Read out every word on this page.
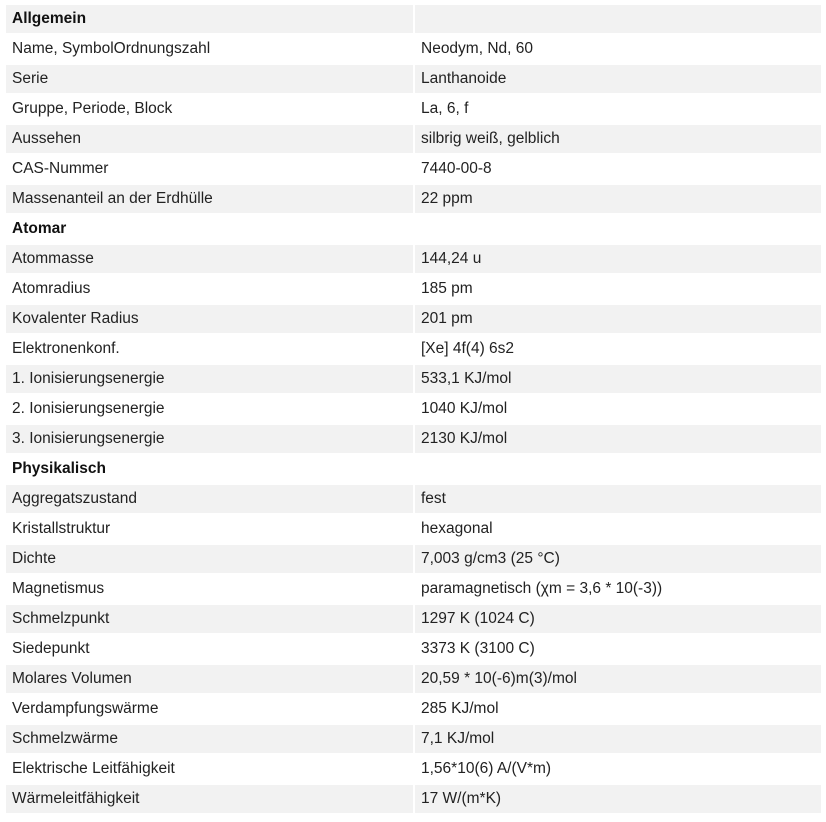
Allgemein
Name, SymbolOrdnungszahl	Neodym, Nd, 60
Serie	Lanthanoide
Gruppe, Periode, Block	La, 6, f
Aussehen	silbrig weiß, gelblich
CAS-Nummer	7440-00-8
Massenanteil an der Erdhülle	22 ppm
Atomar
Atommasse	144,24 u
Atomradius	185 pm
Kovalenter Radius	201 pm
Elektronenkonf.	[Xe] 4f(4) 6s2
1. Ionisierungsenergie	533,1 KJ/mol
2. Ionisierungsenergie	1040 KJ/mol
3. Ionisierungsenergie	2130 KJ/mol
Physikalisch
Aggregatszustand	fest
Kristallstruktur	hexagonal
Dichte	7,003 g/cm3 (25 °C)
Magnetismus	paramagnetisch (χm = 3,6 * 10(-3))
Schmelzpunkt	1297 K (1024 C)
Siedepunkt	3373 K (3100 C)
Molares Volumen	20,59 * 10(-6)m(3)/mol
Verdampfungswärme	285 KJ/mol
Schmelzwärme	7,1 KJ/mol
Elektrische Leitfähigkeit	1,56*10(6) A/(V*m)
Wärmeleitfähigkeit	17 W/(m*K)
